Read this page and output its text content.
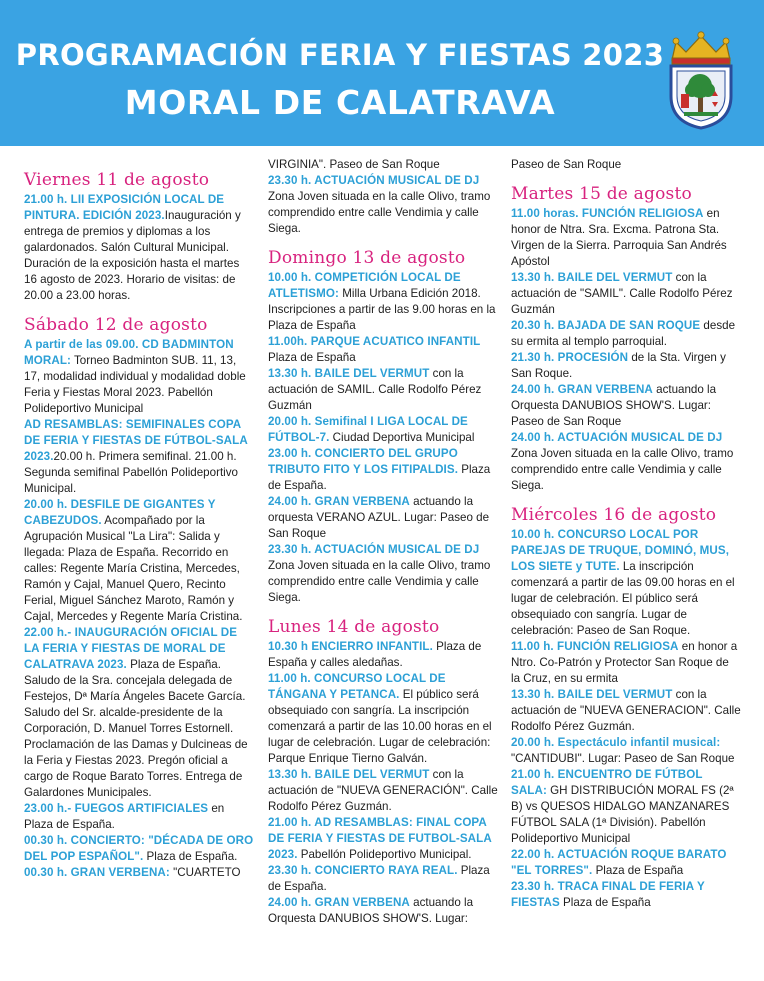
PROGRAMACIÓN FERIA Y FIESTAS 2023
MORAL DE CALATRAVA
Viernes 11 de agosto

21.00 h. LII EXPOSICIÓN LOCAL DE PINTURA. EDICIÓN 2023.Inauguración y entrega de premios y diplomas a los galardonados. Salón Cultural Municipal. Duración de la exposición hasta el martes 16 agosto de 2023. Horario de visitas: de 20.00 a 23.00 horas.

Sábado 12 de agosto

A partir de las 09.00. CD BADMINTON MORAL: Torneo Badminton SUB. 11, 13, 17, modalidad individual y modalidad doble Feria y Fiestas Moral 2023. Pabellón Polideportivo Municipal

AD RESAMBLAS: SEMIFINALES COPA DE FERIA Y FIESTAS DE FÚTBOL-SALA 2023.20.00 h. Primera semifinal. 21.00 h. Segunda semifinal Pabellón Polideportivo Municipal.

20.00 h. DESFILE DE GIGANTES Y CABEZUDOS. Acompañado por la Agrupación Musical "La Lira": Salida y llegada: Plaza de España. Recorrido en calles: Regente María Cristina, Mercedes, Ramón y Cajal, Manuel Quero, Recinto Ferial, Miguel Sánchez Maroto, Ramón y Cajal, Mercedes y Regente María Cristina.

22.00 h.- INAUGURACIÓN OFICIAL DE LA FERIA Y FIESTAS DE MORAL DE CALATRAVA 2023. Plaza de España. Saludo de la Sra. concejala delegada de Festejos, Dª María Ángeles Bacete García. Saludo del Sr. alcalde-presidente de la Corporación, D. Manuel Torres Estornell. Proclamación de las Damas y Dulcineas de la Feria y Fiestas 2023. Pregón oficial a cargo de Roque Barato Torres. Entrega de Galardones Municipales.

23.00 h.- FUEGOS ARTIFICIALES en Plaza de España.

00.30 h. CONCIERTO: "DÉCADA DE ORO DEL POP ESPAÑOL". Plaza de España.

00.30 h. GRAN VERBENA: "CUARTETO

VIRGINIA". Paseo de San Roque

23.30 h. ACTUACIÓN MUSICAL DE DJ Zona Joven situada en la calle Olivo, tramo comprendido entre calle Vendimia y calle Siega.

Domingo 13 de agosto

10.00 h. COMPETICIÓN LOCAL DE ATLETISMO: Milla Urbana Edición 2018. Inscripciones a partir de las 9.00 horas en la Plaza de España

11.00h. PARQUE ACUATICO INFANTIL Plaza de España

13.30 h. BAILE DEL VERMUT con la actuación de SAMIL. Calle Rodolfo Pérez Guzmán

20.00 h. Semifinal I LIGA LOCAL DE FÚTBOL-7. Ciudad Deportiva Municipal

23.00 h. CONCIERTO DEL GRUPO TRIBUTO FITO Y LOS FITIPALDIS. Plaza de España.

24.00 h. GRAN VERBENA actuando la orquesta VERANO AZUL. Lugar: Paseo de San Roque

23.30 h. ACTUACIÓN MUSICAL DE DJ Zona Joven situada en la calle Olivo, tramo comprendido entre calle Vendimia y calle Siega.

Lunes 14 de agosto

10.30 h ENCIERRO INFANTIL. Plaza de España y calles aledañas.

11.00 h. CONCURSO LOCAL DE TÁNGANA Y PETANCA. El público será obsequiado con sangría. La inscripción comenzará a partir de las 10.00 horas en el lugar de celebración. Lugar de celebración: Parque Enrique Tierno Galván.

13.30 h. BAILE DEL VERMUT con la actuación de "NUEVA GENERACIÓN". Calle Rodolfo Pérez Guzmán.

21.00 h. AD RESAMBLAS: FINAL COPA DE FERIA Y FIESTAS DE FUTBOL-SALA 2023. Pabellón Polideportivo Municipal.

23.30 h. CONCIERTO RAYA REAL. Plaza de España.

24.00 h. GRAN VERBENA actuando la Orquesta DANUBIOS SHOW'S. Lugar:

Paseo de San Roque

Martes 15 de agosto

11.00 horas. FUNCIÓN RELIGIOSA en honor de Ntra. Sra. Excma. Patrona Sta. Virgen de la Sierra. Parroquia San Andrés Apóstol

13.30 h. BAILE DEL VERMUT con la actuación de "SAMIL". Calle Rodolfo Pérez Guzmán

20.30 h. BAJADA DE SAN ROQUE desde su ermita al templo parroquial.

21.30 h. PROCESIÓN de la Sta. Virgen y San Roque.

24.00 h. GRAN VERBENA actuando la Orquesta DANUBIOS SHOW'S. Lugar: Paseo de San Roque

24.00 h. ACTUACIÓN MUSICAL DE DJ Zona Joven situada en la calle Olivo, tramo comprendido entre calle Vendimia y calle Siega.

Miércoles 16 de agosto

10.00 h. CONCURSO LOCAL POR PAREJAS DE TRUQUE, DOMINÓ, MUS, LOS SIETE y TUTE. La inscripción comenzará a partir de las 09.00 horas en el lugar de celebración. El público será obsequiado con sangría. Lugar de celebración: Paseo de San Roque.

11.00 h. FUNCIÓN RELIGIOSA en honor a Ntro. Co-Patrón y Protector San Roque de la Cruz, en su ermita

13.30 h. BAILE DEL VERMUT con la actuación de "NUEVA GENERACION". Calle Rodolfo Pérez Guzmán.

20.00 h. Espectáculo infantil musical: "CANTIDUBI". Lugar: Paseo de San Roque

21.00 h. ENCUENTRO DE FÚTBOL SALA: GH DISTRIBUCIÓN MORAL FS (2ª B) vs QUESOS HIDALGO MANZANARES FÚTBOL SALA (1ª División). Pabellón Polideportivo Municipal

22.00 h. ACTUACIÓN ROQUE BARATO "EL TORRES". Plaza de España

23.30 h. TRACA FINAL DE FERIA Y FIESTAS Plaza de España
